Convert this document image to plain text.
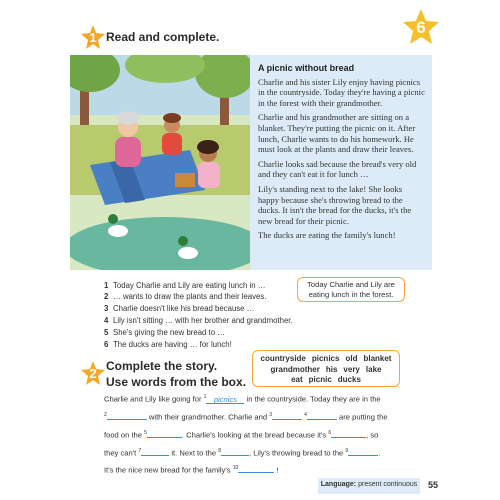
1 Read and complete.	6
A picnic without bread

Charlie and his sister Lily enjoy having picnics in the countryside. Today they're having a picnic in the forest with their grandmother.

Charlie and his grandmother are sitting on a blanket. They're putting the picnic on it. After lunch, Charlie wants to do his homework. He must look at the plants and draw their leaves.

Charlie looks sad because the bread's very old and they can't eat it for lunch …

Lily's standing next to the lake! She looks happy because she's throwing bread to the ducks. It isn't the bread for the ducks, it's the new bread for their picnic.

The ducks are eating the family's lunch!

1 Today Charlie and Lily are eating lunch in …
2 … wants to draw the plants and their leaves.
3 Charlie doesn't like his bread because …
4 Lily isn't sitting … with her brother and grandmother.
5 She's giving the new bread to …
6 The ducks are having … for lunch!
Today Charlie and Lily are eating lunch in the forest.
2 Complete the story.
Use words from the box.
countryside picnics old blanket
grandmother his very lake
eat picnic ducks
Charlie and Lily like going for $^1$ picnics in the countryside. Today they are in the
$^2$	with their grandmother. Charlie and $^3$	$^4$	are putting the
food on the $^5$	. Charlie's looking at the bread because it's $^6$	, so
they can't $^7$	it. Next to the $^8$	, Lily's throwing bread to the $^9$	.
It's the nice new bread for the family's $^{10}$	!
Language: present continuous	55
